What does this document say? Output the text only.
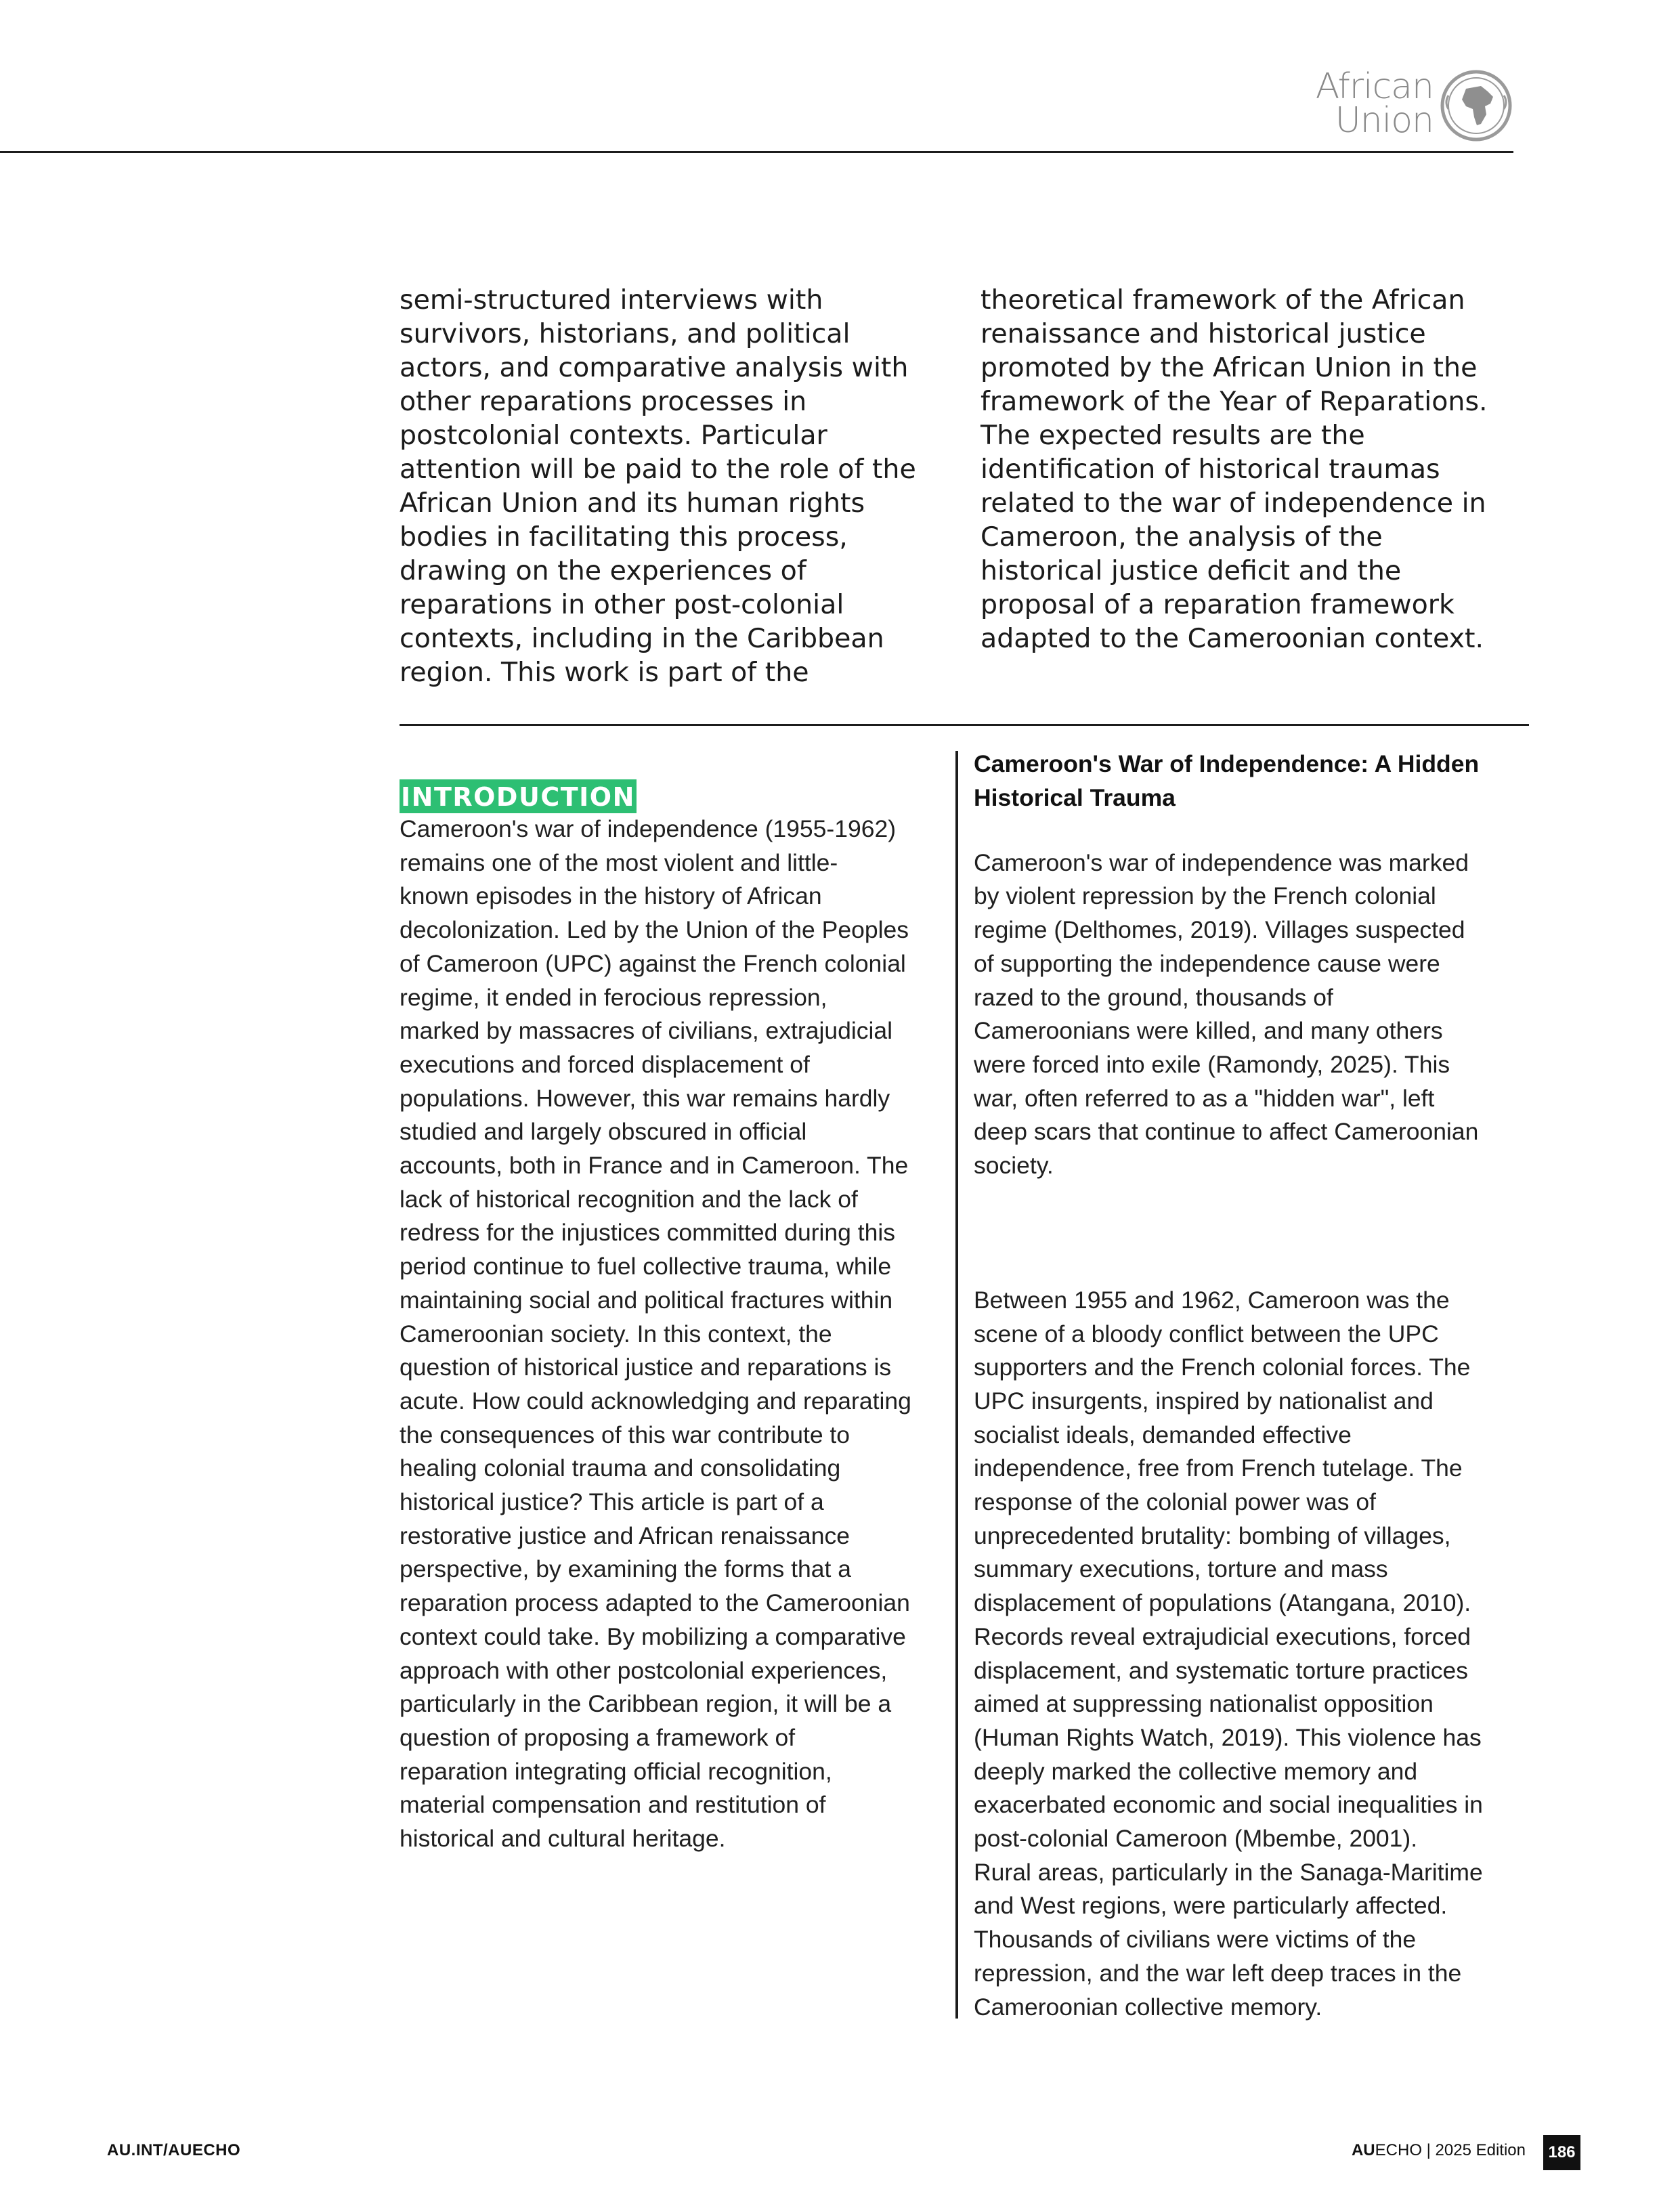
African
Union
semi-structured interviews with
survivors, historians, and political
actors, and comparative analysis with
other reparations processes in
postcolonial contexts. Particular
attention will be paid to the role of the
African Union and its human rights
bodies in facilitating this process,
drawing on the experiences of
reparations in other post-colonial
contexts, including in the Caribbean
region. This work is part of the
theoretical framework of the African
renaissance and historical justice
promoted by the African Union in the
framework of the Year of Reparations.
The expected results are the
identification of historical traumas
related to the war of independence in
Cameroon, the analysis of the
historical justice deficit and the
proposal of a reparation framework
adapted to the Cameroonian context.
INTRODUCTION
Cameroon's war of independence (1955-1962)
remains one of the most violent and little-
known episodes in the history of African
decolonization. Led by the Union of the Peoples
of Cameroon (UPC) against the French colonial
regime, it ended in ferocious repression,
marked by massacres of civilians, extrajudicial
executions and forced displacement of
populations. However, this war remains hardly
studied and largely obscured in official
accounts, both in France and in Cameroon. The
lack of historical recognition and the lack of
redress for the injustices committed during this
period continue to fuel collective trauma, while
maintaining social and political fractures within
Cameroonian society. In this context, the
question of historical justice and reparations is
acute. How could acknowledging and reparating
the consequences of this war contribute to
healing colonial trauma and consolidating
historical justice? This article is part of a
restorative justice and African renaissance
perspective, by examining the forms that a
reparation process adapted to the Cameroonian
context could take. By mobilizing a comparative
approach with other postcolonial experiences,
particularly in the Caribbean region, it will be a
question of proposing a framework of
reparation integrating official recognition,
material compensation and restitution of
historical and cultural heritage.
Cameroon's War of Independence: A Hidden
Historical Trauma

Cameroon's war of independence was marked
by violent repression by the French colonial
regime (Delthomes, 2019). Villages suspected
of supporting the independence cause were
razed to the ground, thousands of
Cameroonians were killed, and many others
were forced into exile (Ramondy, 2025). This
war, often referred to as a "hidden war", left
deep scars that continue to affect Cameroonian
society.

Between 1955 and 1962, Cameroon was the
scene of a bloody conflict between the UPC
supporters and the French colonial forces. The
UPC insurgents, inspired by nationalist and
socialist ideals, demanded effective
independence, free from French tutelage. The
response of the colonial power was of
unprecedented brutality: bombing of villages,
summary executions, torture and mass
displacement of populations (Atangana, 2010).
Records reveal extrajudicial executions, forced
displacement, and systematic torture practices
aimed at suppressing nationalist opposition
(Human Rights Watch, 2019). This violence has
deeply marked the collective memory and
exacerbated economic and social inequalities in
post-colonial Cameroon (Mbembe, 2001).
Rural areas, particularly in the Sanaga-Maritime
and West regions, were particularly affected.
Thousands of civilians were victims of the
repression, and the war left deep traces in the
Cameroonian collective memory.

AU.INT/AUECHO	AUECHO | 2025 Edition	186
